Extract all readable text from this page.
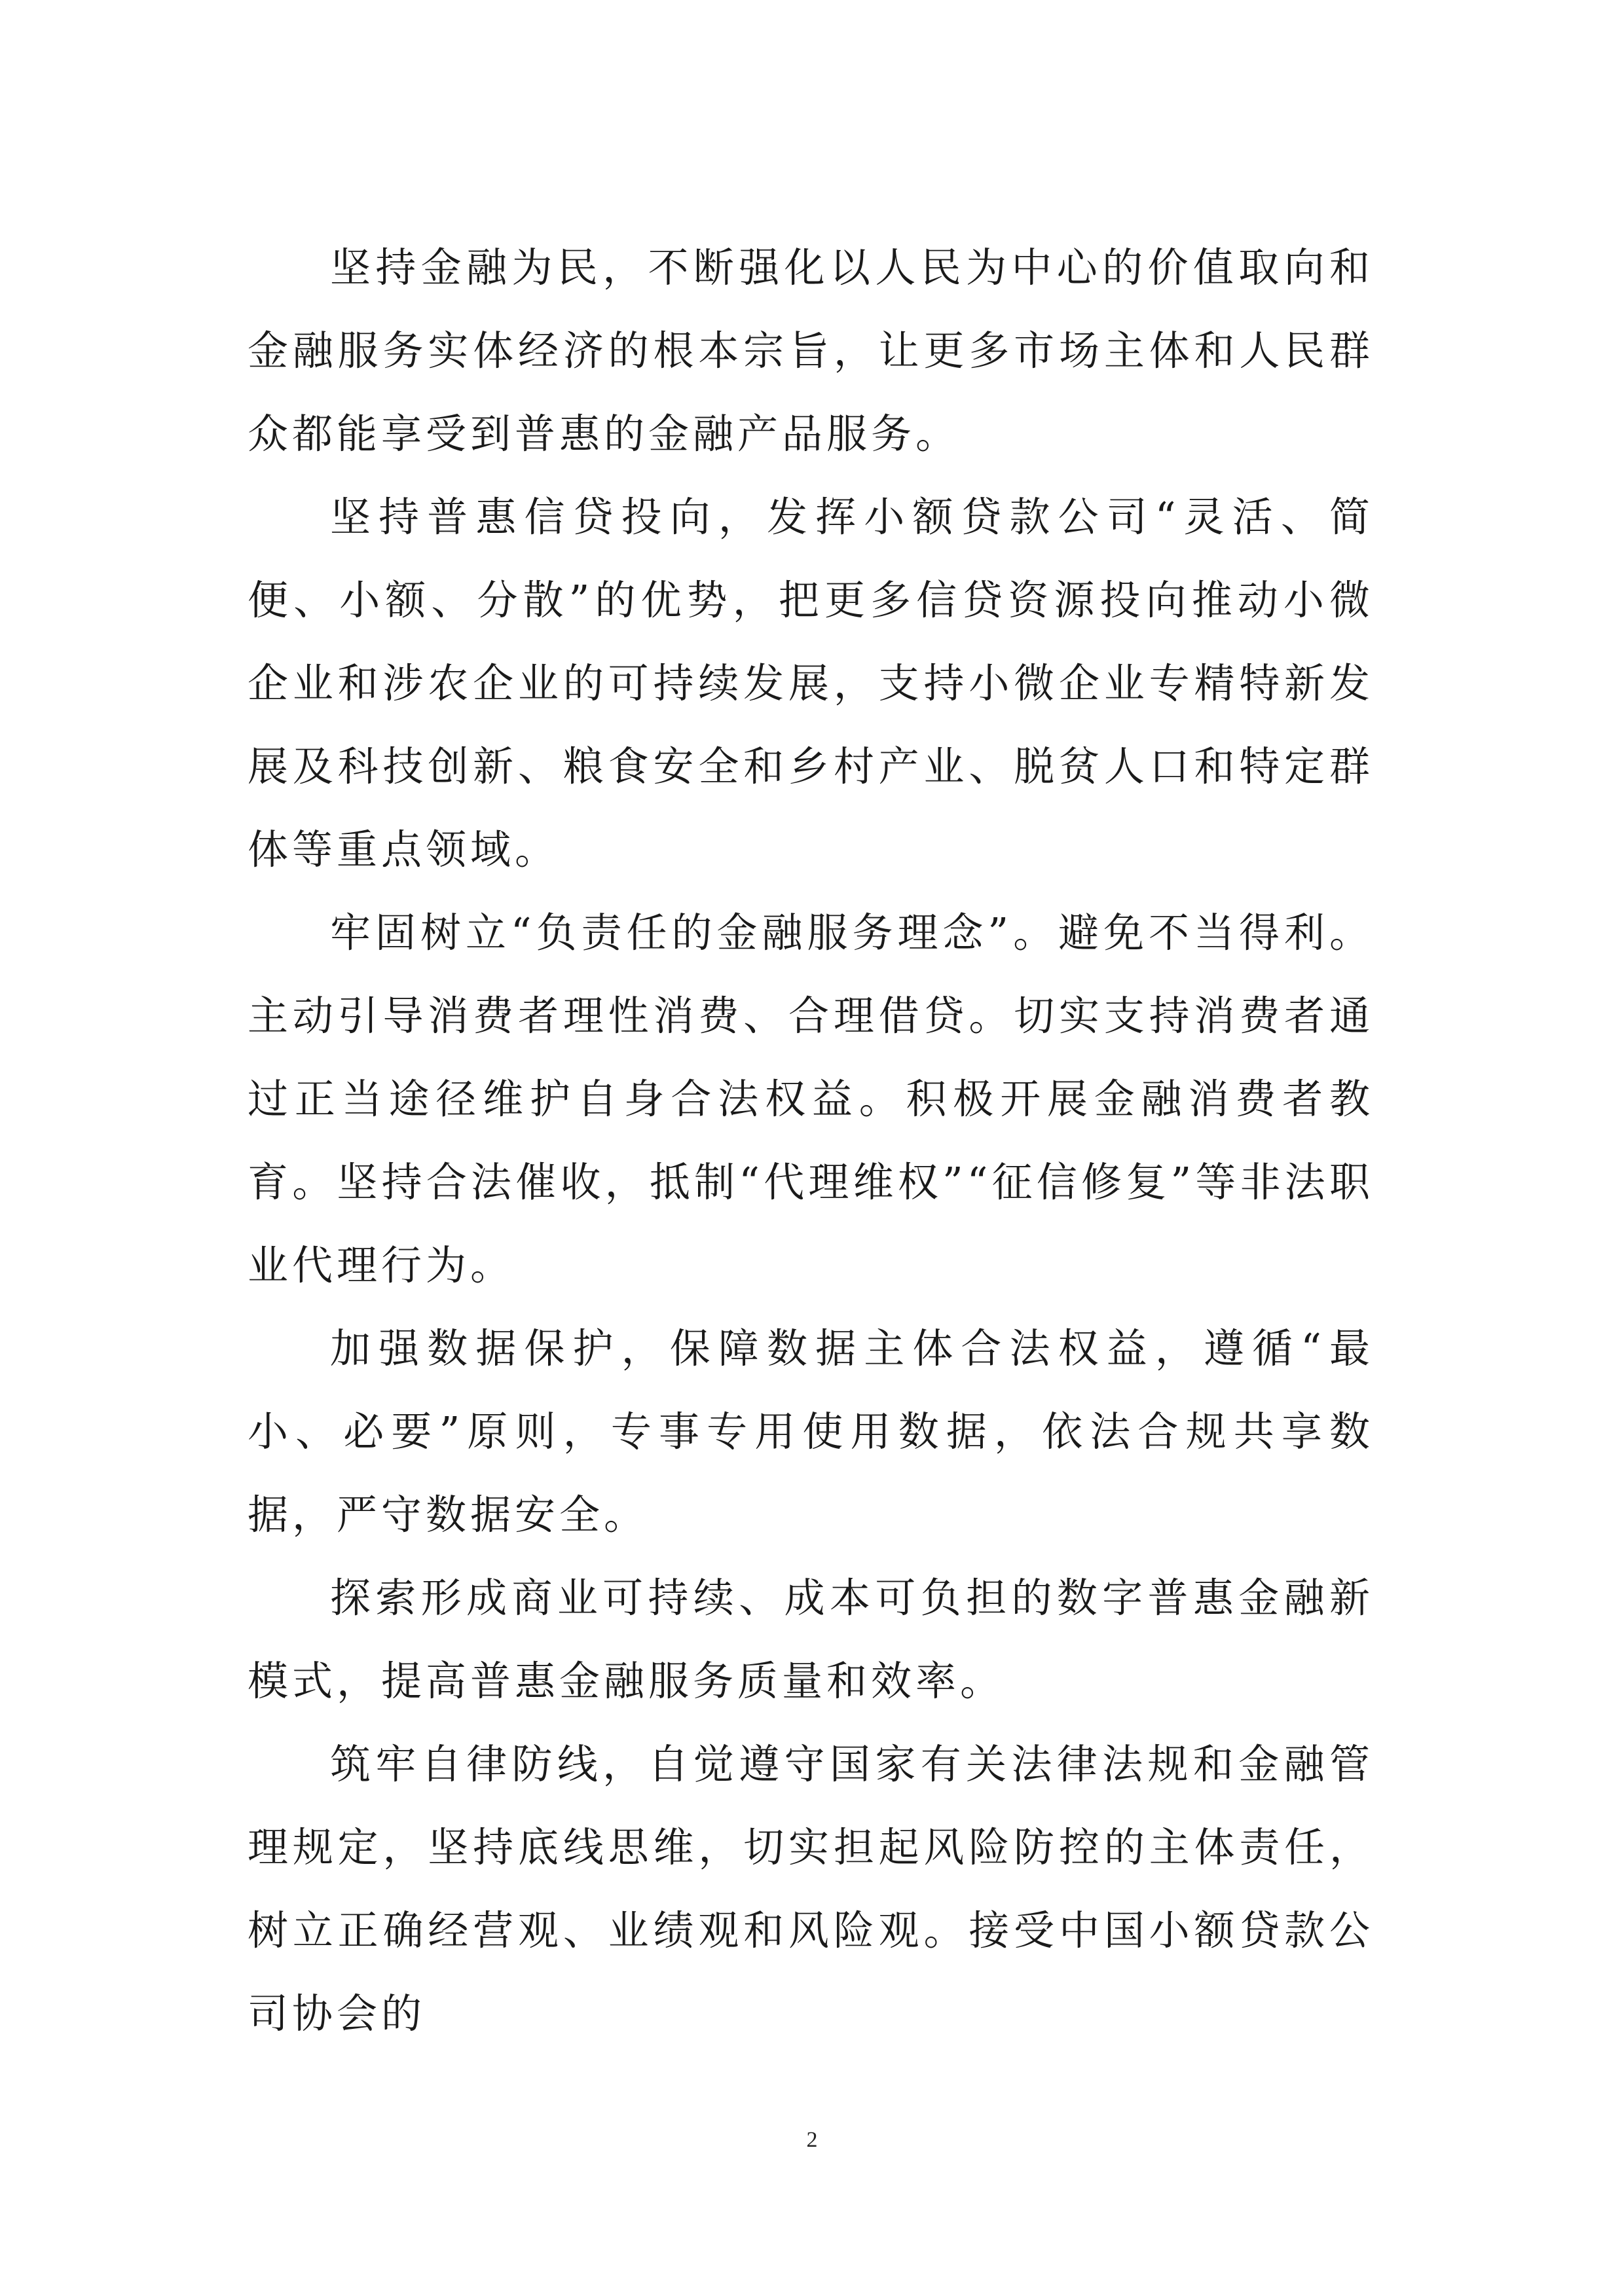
坚持金融为民，不断强化以人民为中心的价值取向和金融服务实体经济的根本宗旨，让更多市场主体和人民群众都能享受到普惠的金融产品服务。

坚持普惠信贷投向，发挥小额贷款公司“灵活、简便、小额、分散”的优势，把更多信贷资源投向推动小微企业和涉农企业的可持续发展，支持小微企业专精特新发展及科技创新、粮食安全和乡村产业、脱贫人口和特定群体等重点领域。

牢固树立“负责任的金融服务理念”。避免不当得利。主动引导消费者理性消费、合理借贷。切实支持消费者通过正当途径维护自身合法权益。积极开展金融消费者教育。坚持合法催收，抵制“代理维权”“征信修复”等非法职业代理行为。

加强数据保护，保障数据主体合法权益，遵循“最小、必要”原则，专事专用使用数据，依法合规共享数据，严守数据安全。

探索形成商业可持续、成本可负担的数字普惠金融新模式，提高普惠金融服务质量和效率。

筑牢自律防线，自觉遵守国家有关法律法规和金融管理规定，坚持底线思维，切实担起风险防控的主体责任，树立正确经营观、业绩观和风险观。接受中国小额贷款公司协会的

2
